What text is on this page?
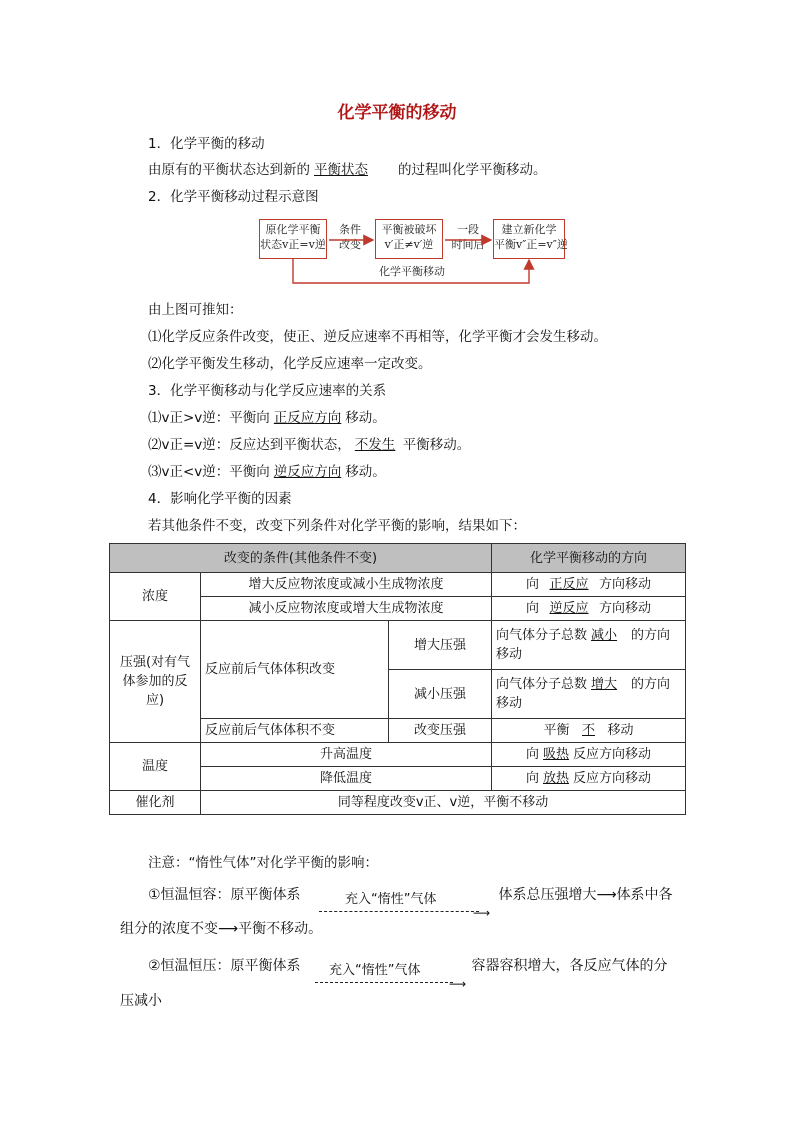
化学平衡的移动
1．化学平衡的移动
由原有的平衡状态达到新的 平衡状态 的过程叫化学平衡移动。
2．化学平衡移动过程示意图
原化学平衡
状态v正=v逆
条件
改变
平衡被破坏
v′正≠v′逆
一段
时间后
建立新化学
平衡v″正=v″逆
化学平衡移动
由上图可推知：
⑴化学反应条件改变，使正、逆反应速率不再相等，化学平衡才会发生移动。
⑵化学平衡发生移动，化学反应速率一定改变。
3．化学平衡移动与化学反应速率的关系
⑴v正>v逆：平衡向 正反应方向 移动。
⑵v正=v逆：反应达到平衡状态， 不发生 平衡移动。
⑶v正<v逆：平衡向 逆反应方向 移动。
4．影响化学平衡的因素
若其他条件不变，改变下列条件对化学平衡的影响，结果如下：
改变的条件(其他条件不变)			化学平衡移动的方向
浓度	增大反应物浓度或减小生成物浓度		向 正反应 方向移动
	减小反应物浓度或增大生成物浓度		向 逆反应 方向移动
压强(对有气体参加的反应)	反应前后气体体积改变	增大压强	向气体分子总数 减小 的方向移动
		减小压强	向气体分子总数 增大 的方向移动
	反应前后气体体积不变	改变压强	平衡 不 移动
温度	升高温度		向 吸热 反应方向移动
	降低温度		向 放热 反应方向移动
催化剂	同等程度改变v正、v逆，平衡不移动		
注意：“惰性气体”对化学平衡的影响：
①恒温恒容：原平衡体系	充入“惰性”气体
⟶
体系总压强增大⟶体系中各
组分的浓度不变⟶平衡不移动。
②恒温恒压：原平衡体系 充入“惰性”气体
⟶
容器容积增大，各反应气体的分
压减小
